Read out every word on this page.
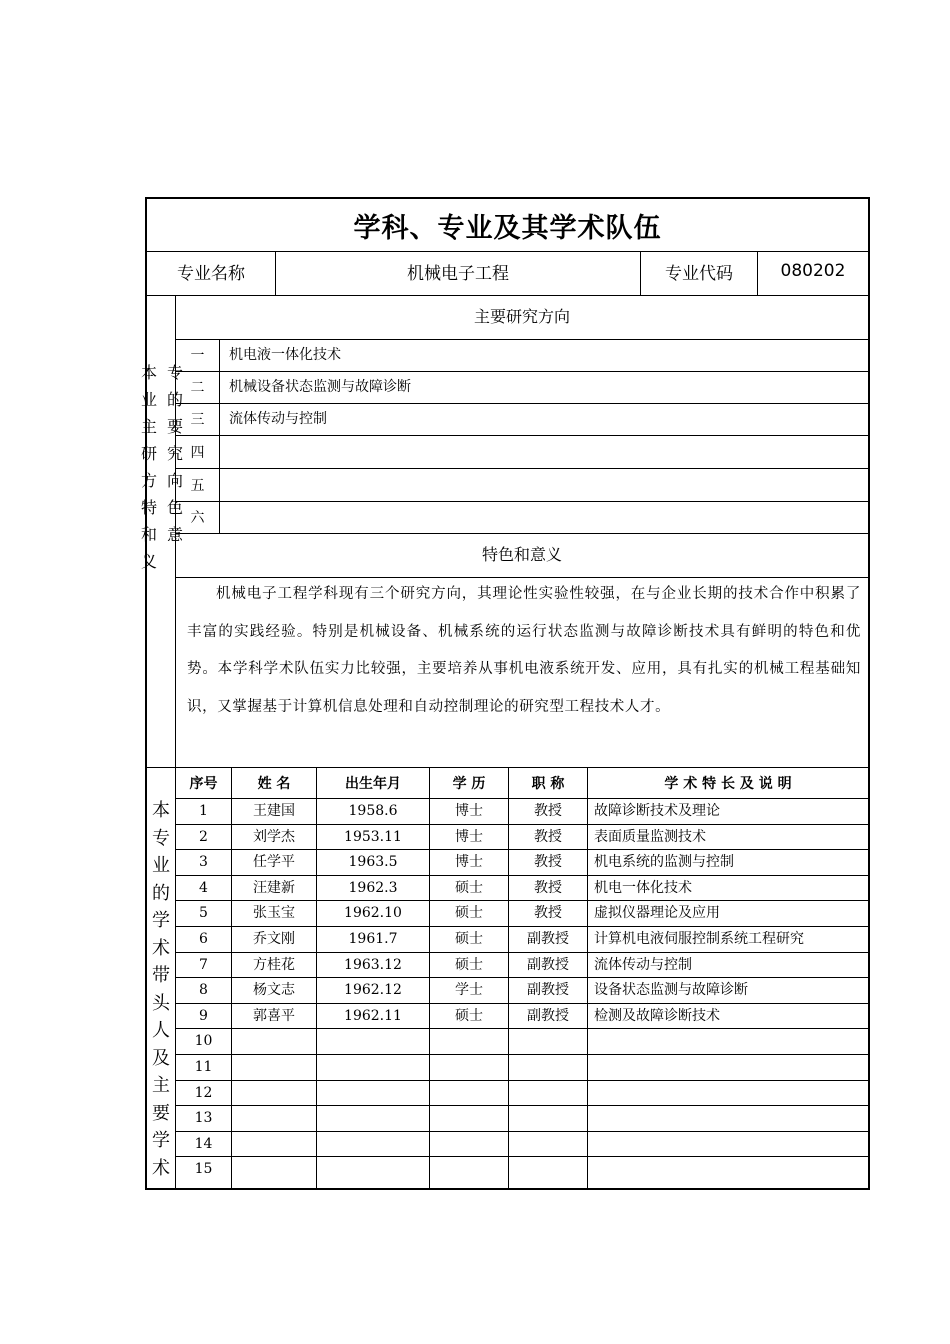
学科、专业及其学术队伍
专业名称	机械电子工程	专业代码	080202
本
业
主
研
方
特
和
义
专
的
要
究
向
色
意
主要研究方向
一	机电液一体化技术
二	机械设备状态监测与故障诊断
三	流体传动与控制
四
五
六
特色和意义
机械电子工程学科现有三个研究方向，其理论性实验性较强，在与企业长期的技术合作中积累了丰富的实践经验。特别是机械设备、机械系统的运行状态监测与故障诊断技术具有鲜明的特色和优势。本学科学术队伍实力比较强，主要培养从事机电液系统开发、应用，具有扎实的机械工程基础知识，又掌握基于计算机信息处理和自动控制理论的研究型工程技术人才。
本
专
业
的
学
术
带
头
人
及
主
要
学
术
序号	姓 名	出生年月	学 历	职 称	学 术 特 长 及 说 明
1	王建国	1958.6	博士	教授	故障诊断技术及理论
2	刘学杰	1953.11	博士	教授	表面质量监测技术
3	任学平	1963.5	博士	教授	机电系统的监测与控制
4	汪建新	1962.3	硕士	教授	机电一体化技术
5	张玉宝	1962.10	硕士	教授	虚拟仪器理论及应用
6	乔文刚	1961.7	硕士	副教授	计算机电液伺服控制系统工程研究
7	方桂花	1963.12	硕士	副教授	流体传动与控制
8	杨文志	1962.12	学士	副教授	设备状态监测与故障诊断
9	郭喜平	1962.11	硕士	副教授	检测及故障诊断技术
10
11
12
13
14
15
